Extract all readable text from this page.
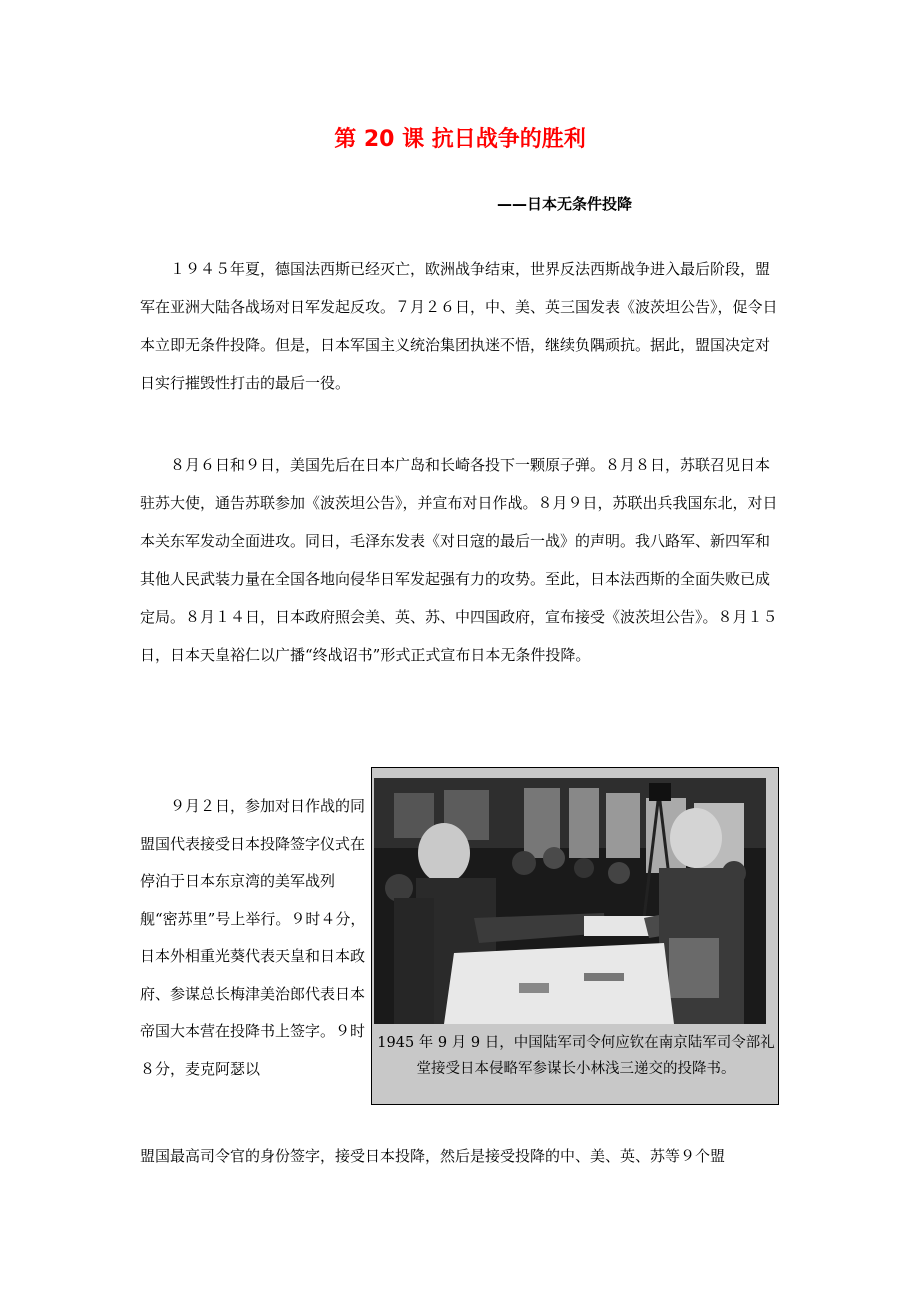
第 20 课 抗日战争的胜利
——日本无条件投降

１９４５年夏，德国法西斯已经灭亡，欧洲战争结束，世界反法西斯战争进入最后阶段，盟军在亚洲大陆各战场对日军发起反攻。７月２６日，中、美、英三国发表《波茨坦公告》，促令日本立即无条件投降。但是，日本军国主义统治集团执迷不悟，继续负隅顽抗。据此，盟国决定对日实行摧毁性打击的最后一役。

８月６日和９日，美国先后在日本广岛和长崎各投下一颗原子弹。８月８日，苏联召见日本驻苏大使，通告苏联参加《波茨坦公告》，并宣布对日作战。８月９日，苏联出兵我国东北，对日本关东军发动全面进攻。同日，毛泽东发表《对日寇的最后一战》的声明。我八路军、新四军和其他人民武装力量在全国各地向侵华日军发起强有力的攻势。至此，日本法西斯的全面失败已成定局。８月１４日，日本政府照会美、英、苏、中四国政府，宣布接受《波茨坦公告》。８月１５日，日本天皇裕仁以广播“终战诏书”形式正式宣布日本无条件投降。

９月２日，参加对日作战的同盟国代表接受日本投降签字仪式在停泊于日本东京湾的美军战列舰“密苏里”号上举行。９时４分，日本外相重光葵代表天皇和日本政府、参谋总长梅津美治郎代表日本帝国大本营在投降书上签字。９时８分，麦克阿瑟以

盟国最高司令官的身份签字，接受日本投降，然后是接受投降的中、美、英、苏等９个盟

1945 年 9 月 9 日，中国陆军司令何应钦在南京陆军司令部礼堂接受日本侵略军参谋长小林浅三递交的投降书。
